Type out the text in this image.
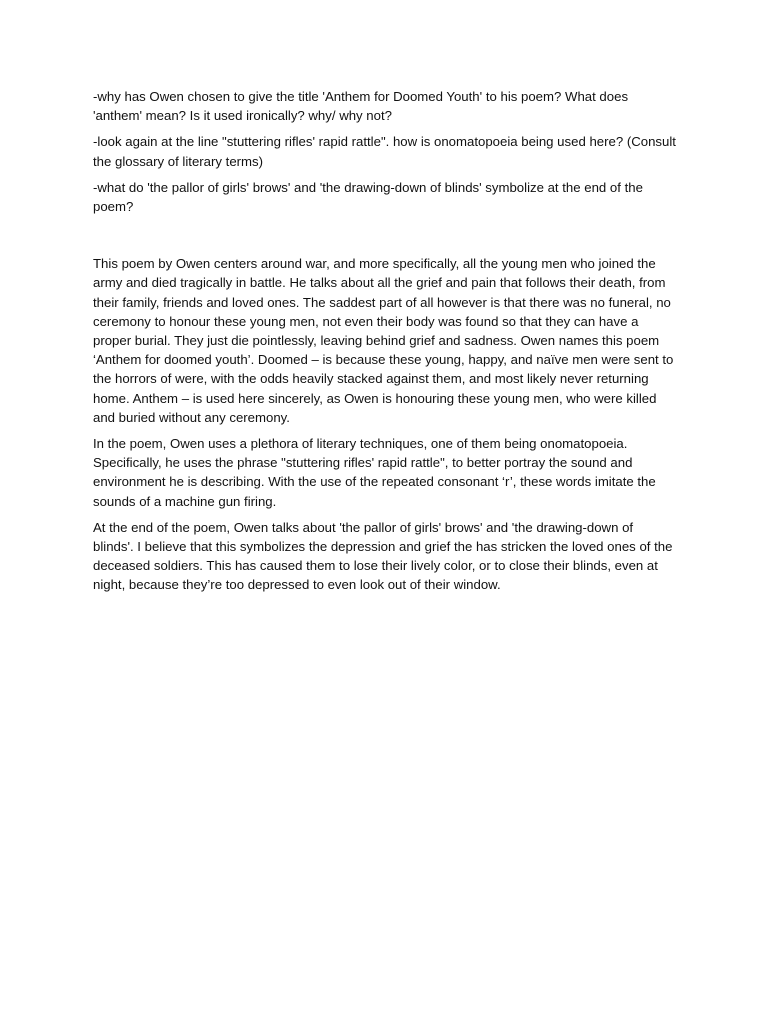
-why has Owen chosen to give the title 'Anthem for Doomed Youth' to his poem? What does 'anthem' mean? Is it used ironically? why/ why not?

-look again at the line "stuttering rifles' rapid rattle". how is onomatopoeia being used here? (Consult the glossary of literary terms)

-what do 'the pallor of girls' brows' and 'the drawing-down of blinds' symbolize at the end of the poem?

This poem by Owen centers around war, and more specifically, all the young men who joined the army and died tragically in battle. He talks about all the grief and pain that follows their death, from their family, friends and loved ones. The saddest part of all however is that there was no funeral, no ceremony to honour these young men, not even their body was found so that they can have a proper burial. They just die pointlessly, leaving behind grief and sadness. Owen names this poem ‘Anthem for doomed youth’. Doomed – is because these young, happy, and naïve men were sent to the horrors of were, with the odds heavily stacked against them, and most likely never returning home. Anthem – is used here sincerely, as Owen is honouring these young men, who were killed and buried without any ceremony.

In the poem, Owen uses a plethora of literary techniques, one of them being onomatopoeia. Specifically, he uses the phrase "stuttering rifles' rapid rattle", to better portray the sound and environment he is describing. With the use of the repeated consonant ‘r’, these words imitate the sounds of a machine gun firing.

At the end of the poem, Owen talks about 'the pallor of girls' brows' and 'the drawing-down of blinds'. I believe that this symbolizes the depression and grief the has stricken the loved ones of the deceased soldiers. This has caused them to lose their lively color, or to close their blinds, even at night, because they’re too depressed to even look out of their window.
